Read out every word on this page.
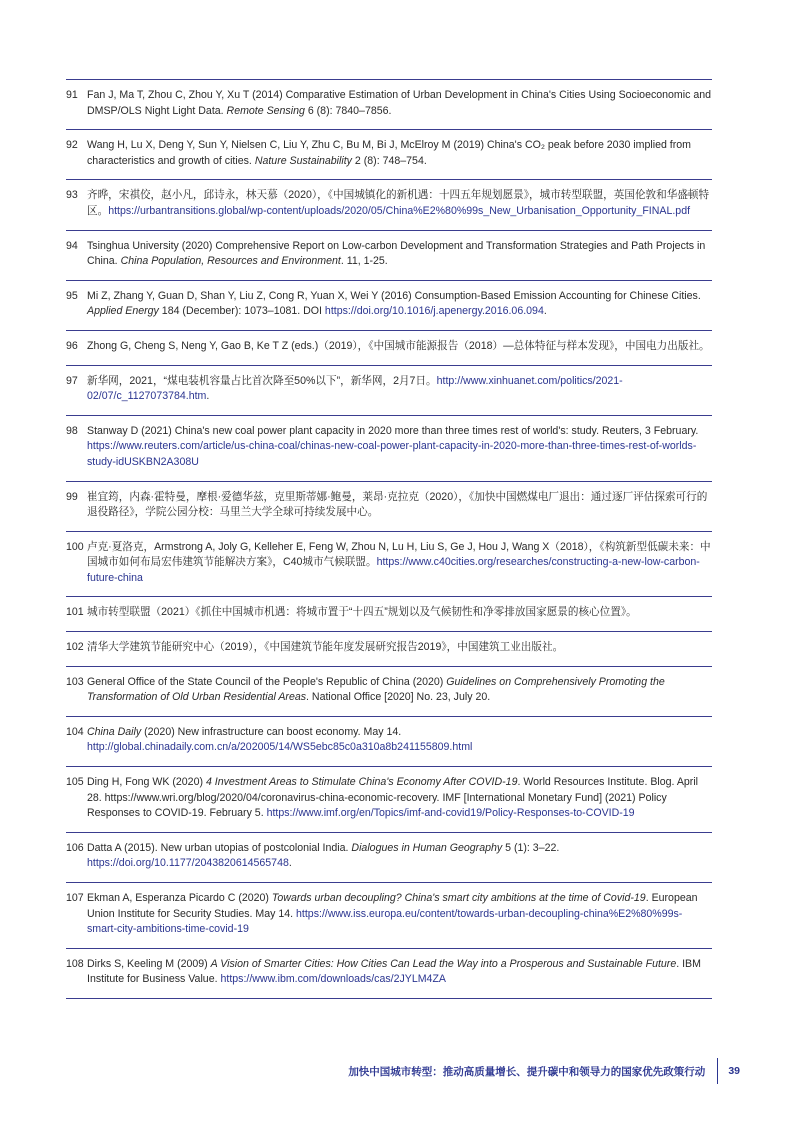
91 Fan J, Ma T, Zhou C, Zhou Y, Xu T (2014) Comparative Estimation of Urban Development in China's Cities Using Socioeconomic and DMSP/OLS Night Light Data. Remote Sensing 6 (8): 7840–7856.
92 Wang H, Lu X, Deng Y, Sun Y, Nielsen C, Liu Y, Zhu C, Bu M, Bi J, McElroy M (2019) China's CO₂ peak before 2030 implied from characteristics and growth of cities. Nature Sustainability 2 (8): 748–754.
93 齐晔，宋祺佼，赵小凡，邱诗永，林天慕（2020），《中国城镇化的新机遇：十四五年规划愿景》，城市转型联盟，英国伦敦和华盛顿特区。https://urbantransitions.global/wp-content/uploads/2020/05/China%E2%80%99s_New_Urbanisation_Opportunity_FINAL.pdf
94 Tsinghua University (2020) Comprehensive Report on Low-carbon Development and Transformation Strategies and Path Projects in China. China Population, Resources and Environment. 11, 1-25.
95 Mi Z, Zhang Y, Guan D, Shan Y, Liu Z, Cong R, Yuan X, Wei Y (2016) Consumption-Based Emission Accounting for Chinese Cities. Applied Energy 184 (December): 1073–1081. DOI https://doi.org/10.1016/j.apenergy.2016.06.094.
96 Zhong G, Cheng S, Neng Y, Gao B, Ke T Z (eds.)（2019），《中国城市能源报告（2018）—总体特征与样本发现》，中国电力出版社。
97 新华网，2021，“煤电装机容量占比首次降至50%以下”，新华网，2月7日。http://www.xinhuanet.com/politics/2021-02/07/c_1127073784.htm.
98 Stanway D (2021) China's new coal power plant capacity in 2020 more than three times rest of world's: study. Reuters, 3 February. https://www.reuters.com/article/us-china-coal/chinas-new-coal-power-plant-capacity-in-2020-more-than-three-times-rest-of-worlds-study-idUSKBN2A308U
99 崔宜筠，内森·霍特曼，摩根·爱德华兹，克里斯蒂娜·鲍曼，莱昂·克拉克（2020），《加快中国燃煤电厂退出：通过逐厂评估探索可行的退役路径》，学院公园分校：马里兰大学全球可持续发展中心。
100 卢克·夏洛克，Armstrong A, Joly G, Kelleher E, Feng W, Zhou N, Lu H, Liu S, Ge J, Hou J, Wang X（2018），《构筑新型低碳未来：中国城市如何布局宏伟建筑节能解决方案》，C40城市气候联盟。https://www.c40cities.org/researches/constructing-a-new-low-carbon-future-china
101 城市转型联盟（2021）《抓住中国城市机遇：将城市置于“十四五”规划以及气候韧性和净零排放国家愿景的核心位置》。
102 清华大学建筑节能研究中心（2019），《中国建筑节能年度发展研究报告2019》，中国建筑工业出版社。
103 General Office of the State Council of the People's Republic of China (2020) Guidelines on Comprehensively Promoting the Transformation of Old Urban Residential Areas. National Office [2020] No. 23, July 20.
104 China Daily (2020) New infrastructure can boost economy. May 14. http://global.chinadaily.com.cn/a/202005/14/WS5ebc85c0a310a8b241155809.html
105 Ding H, Fong WK (2020) 4 Investment Areas to Stimulate China's Economy After COVID-19. World Resources Institute. Blog. April 28. https://www.wri.org/blog/2020/04/coronavirus-china-economic-recovery. IMF [International Monetary Fund] (2021) Policy Responses to COVID-19. February 5. https://www.imf.org/en/Topics/imf-and-covid19/Policy-Responses-to-COVID-19
106 Datta A (2015). New urban utopias of postcolonial India. Dialogues in Human Geography 5 (1): 3–22. https://doi.org/10.1177/2043820614565748.
107 Ekman A, Esperanza Picardo C (2020) Towards urban decoupling? China's smart city ambitions at the time of Covid-19. European Union Institute for Security Studies. May 14. https://www.iss.europa.eu/content/towards-urban-decoupling-china%E2%80%99s-smart-city-ambitions-time-covid-19
108 Dirks S, Keeling M (2009) A Vision of Smarter Cities: How Cities Can Lead the Way into a Prosperous and Sustainable Future. IBM Institute for Business Value. https://www.ibm.com/downloads/cas/2JYLM4ZA
加快中国城市转型：推动高质量增长、提升碳中和领导力的国家优先政策行动 39
